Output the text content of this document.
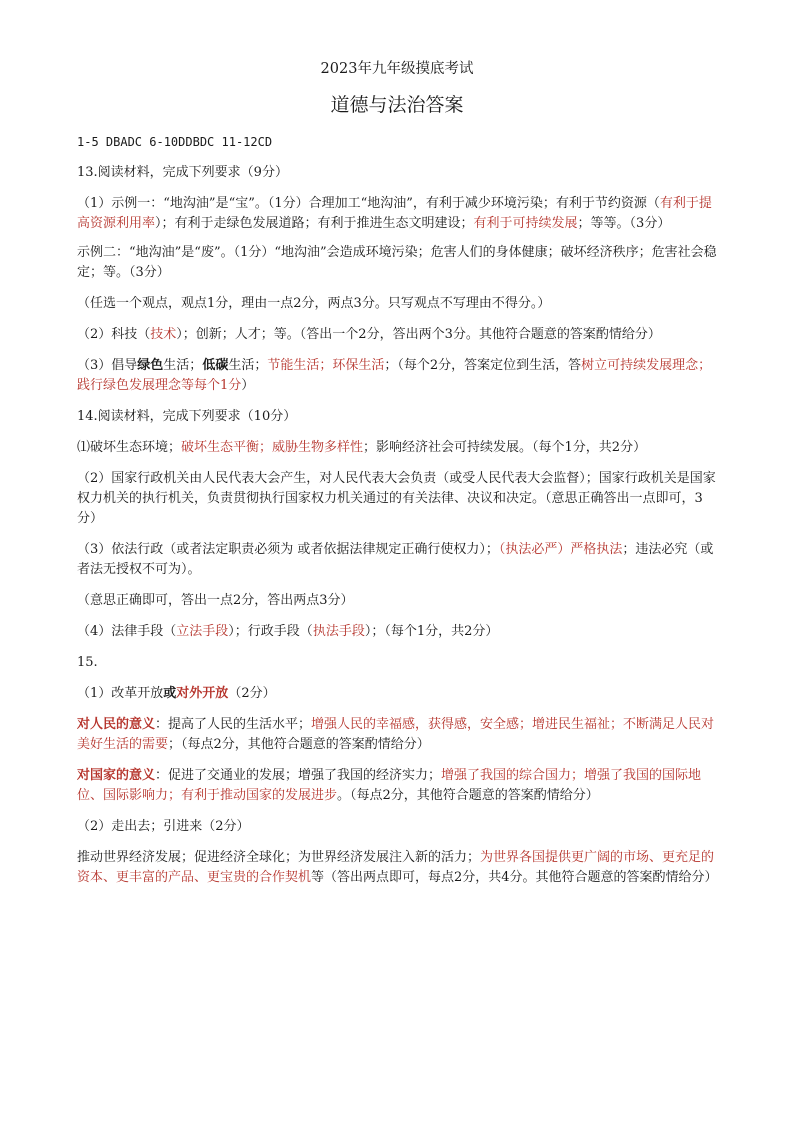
2023年九年级摸底考试
道德与法治答案

1-5 DBADC 6-10DDBDC 11-12CD

13.阅读材料，完成下列要求（9分）

（1）示例一：“地沟油”是“宝”。（1分）合理加工“地沟油”，有利于减少环境污染；有利于节约资源（有利于提高资源利用率）；有利于走绿色发展道路；有利于推进生态文明建设；有利于可持续发展；等等。（3分）

示例二：“地沟油”是“废”。（1分）“地沟油”会造成环境污染；危害人们的身体健康；破坏经济秩序；危害社会稳定；等。（3分）

（任选一个观点，观点1分，理由一点2分，两点3分。只写观点不写理由不得分。）

（2）科技（技术）；创新；人才；等。（答出一个2分，答出两个3分。其他符合题意的答案酌情给分）

（3）倡导绿色生活；低碳生活；节能生活；环保生活；（每个2分，答案定位到生活，答树立可持续发展理念；践行绿色发展理念等每个1分）

14.阅读材料，完成下列要求（10分）

⑴破坏生态环境；破坏生态平衡；威胁生物多样性；影响经济社会可持续发展。（每个1分，共2分）

（2）国家行政机关由人民代表大会产生，对人民代表大会负责（或受人民代表大会监督）；国家行政机关是国家权力机关的执行机关，负责贯彻执行国家权力机关通过的有关法律、决议和决定。（意思正确答出一点即可，3分）

（3）依法行政（或者法定职责必须为 或者依据法律规定正确行使权力）；（执法必严）严格执法；违法必究（或者法无授权不可为）。

（意思正确即可，答出一点2分，答出两点3分）

（4）法律手段（立法手段）；行政手段（执法手段）；（每个1分，共2分）

15.

（1）改革开放或对外开放（2分）

对人民的意义：提高了人民的生活水平；增强人民的幸福感，获得感，安全感；增进民生福祉；不断满足人民对美好生活的需要；（每点2分，其他符合题意的答案酌情给分）

对国家的意义：促进了交通业的发展；增强了我国的经济实力；增强了我国的综合国力；增强了我国的国际地位、国际影响力；有利于推动国家的发展进步。（每点2分，其他符合题意的答案酌情给分）

（2）走出去；引进来（2分）

推动世界经济发展；促进经济全球化；为世界经济发展注入新的活力；为世界各国提供更广阔的市场、更充足的资本、更丰富的产品、更宝贵的合作契机等（答出两点即可，每点2分，共4分。其他符合题意的答案酌情给分）
